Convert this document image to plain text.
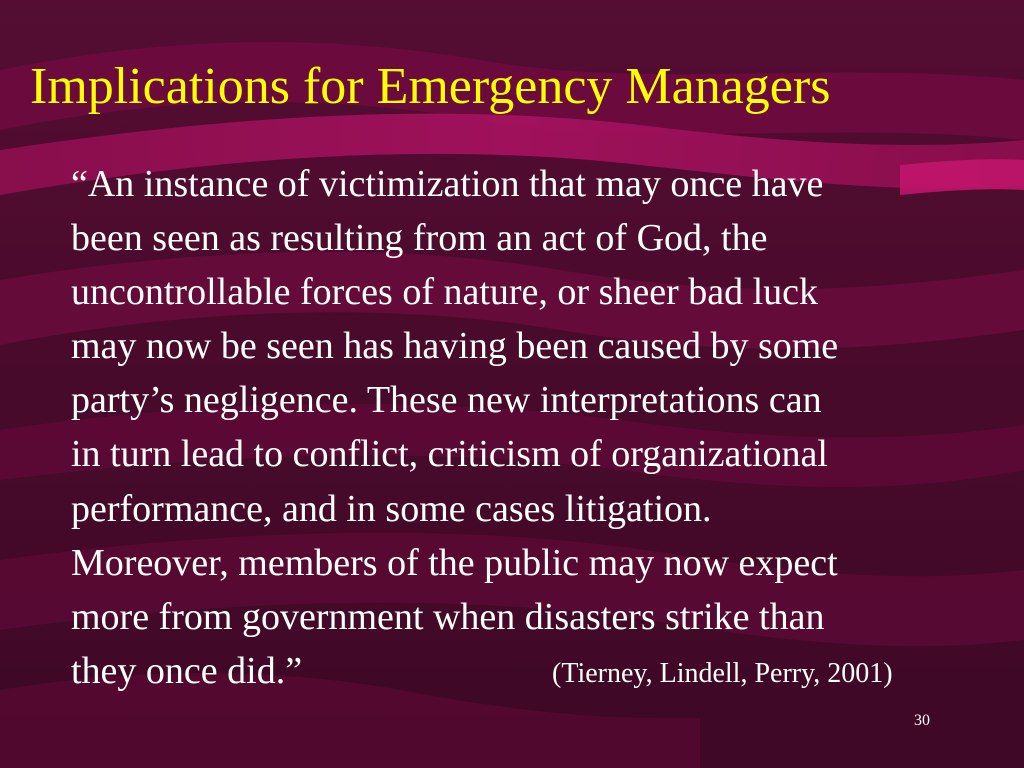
Implications for Emergency Managers

“An instance of victimization that may once have
been seen as resulting from an act of God, the
uncontrollable forces of nature, or sheer bad luck
may now be seen has having been caused by some
party’s negligence. These new interpretations can
in turn lead to conflict, criticism of organizational
performance, and in some cases litigation.
Moreover, members of the public may now expect
more from government when disasters strike than
they once did.”	(Tierney, Lindell, Perry, 2001)
30
